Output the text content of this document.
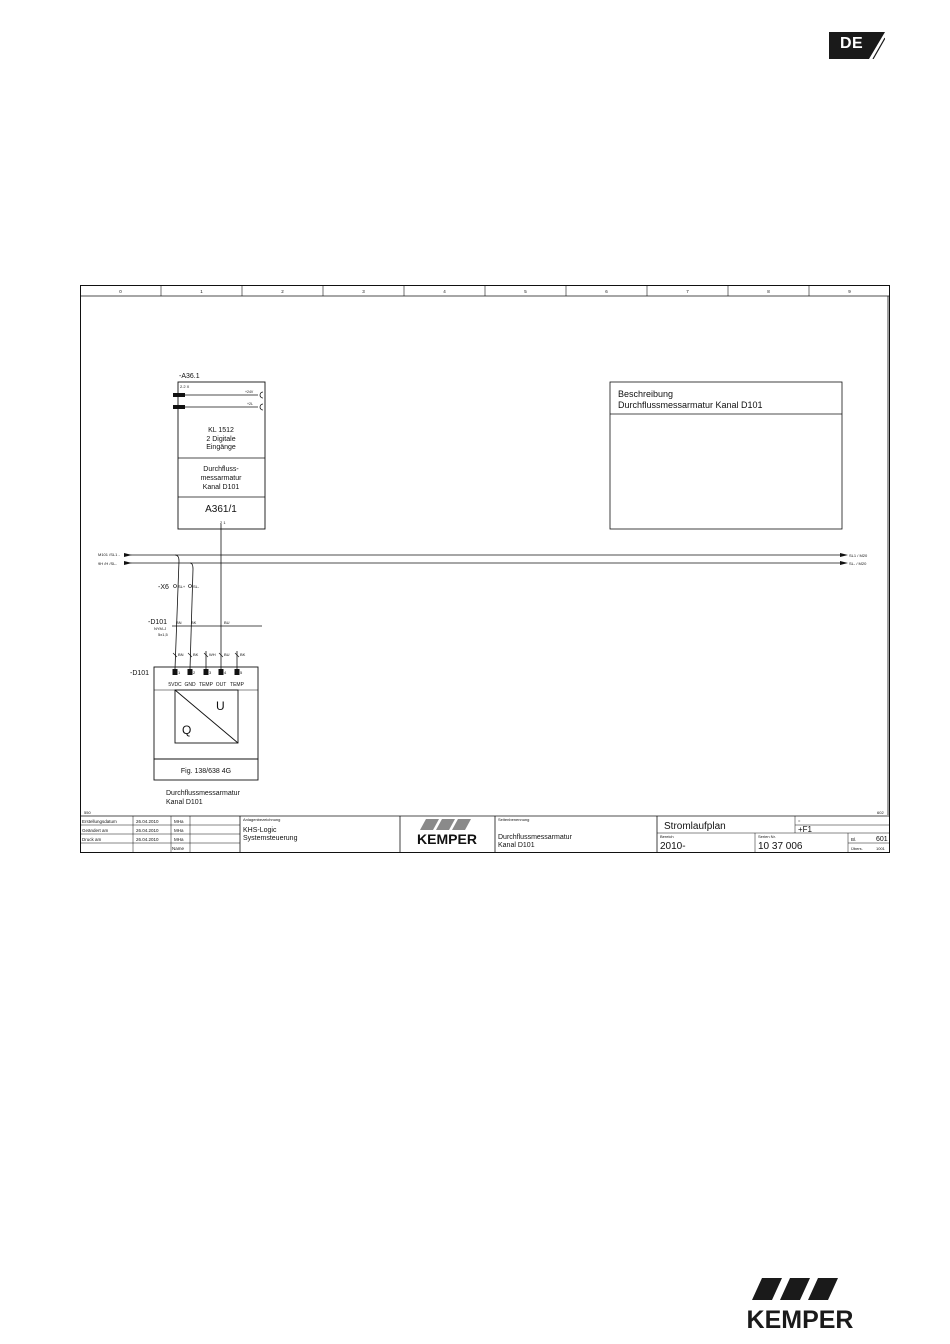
DE
0	1	2	3	4	5	6	7	8	9
-A36.1
2.2 X
+24V
+2L
KL 1512
2 Digitale
Eingänge
Durchfluss-
messarmatur
Kanal D101
A361/1
2 1
Beschreibung
Durchflussmessarmatur Kanal D101
M101 /SL1 -
9H /H /SL-
SL1 / M20
SL- / M20
-X6 SL+ SL-
-D101
NYM-J
5x1,5
BN BK	BU
-D101
BN
1
5VDC
BK
2
GND
WH
3
TEMP
BU
4
OUT
BK
5
TEMP
U
Q
Fig. 138/638 4G
Durchflussmessarmatur
Kanal D101
550	602
Erstellungsdatum	26.04.2010	MHa
Geändert am	26.04.2010	MHa
Druck am	26.04.2010	MHa
Name
Anlagenbezeichnung
KHS-Logic
Systemsteuerung	KEMPER
Seitenbenennung
Durchflussmessarmatur
Kanal D101
Stromlaufplan
=
+F1
Bereich
2010-
Serien Nr.
10 37 006
Bl.	601
Übers.	1001
KEMPER
